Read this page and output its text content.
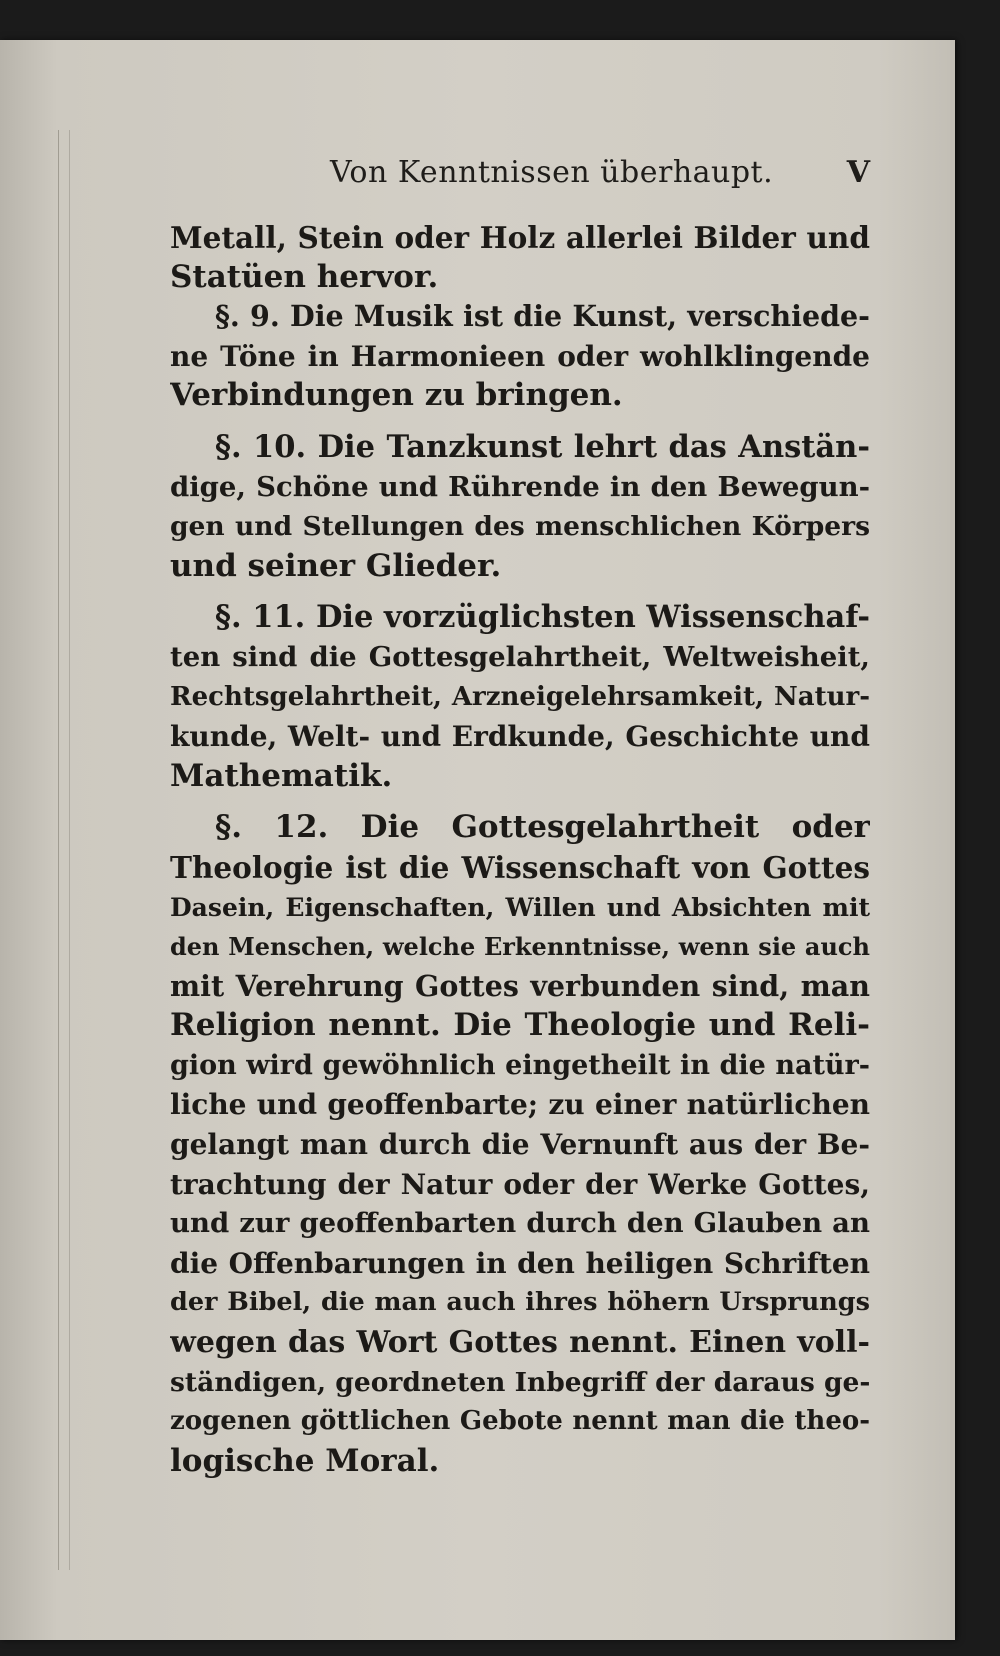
Von Kenntnissen überhaupt. V
Metall, Stein oder Holz allerlei Bilder und
Statüen hervor.
§. 9. Die Musik ist die Kunst, verschiede-
ne Töne in Harmonieen oder wohlklingende
Verbindungen zu bringen.
§. 10. Die Tanzkunst lehrt das Anstän-
dige, Schöne und Rührende in den Bewegun-
gen und Stellungen des menschlichen Körpers
und seiner Glieder.
§. 11. Die vorzüglichsten Wissenschaf-
ten sind die Gottesgelahrtheit, Weltweisheit,
Rechtsgelahrtheit, Arzneigelehrsamkeit, Natur-
kunde, Welt- und Erdkunde, Geschichte und
Mathematik.
§. 12. Die Gottesgelahrtheit oder
Theologie ist die Wissenschaft von Gottes
Dasein, Eigenschaften, Willen und Absichten mit
den Menschen, welche Erkenntnisse, wenn sie auch
mit Verehrung Gottes verbunden sind, man
Religion nennt. Die Theologie und Reli-
gion wird gewöhnlich eingetheilt in die natür-
liche und geoffenbarte; zu einer natürlichen
gelangt man durch die Vernunft aus der Be-
trachtung der Natur oder der Werke Gottes,
und zur geoffenbarten durch den Glauben an
die Offenbarungen in den heiligen Schriften
der Bibel, die man auch ihres höhern Ursprungs
wegen das Wort Gottes nennt. Einen voll-
ständigen, geordneten Inbegriff der daraus ge-
zogenen göttlichen Gebote nennt man die theo-
logische Moral.
